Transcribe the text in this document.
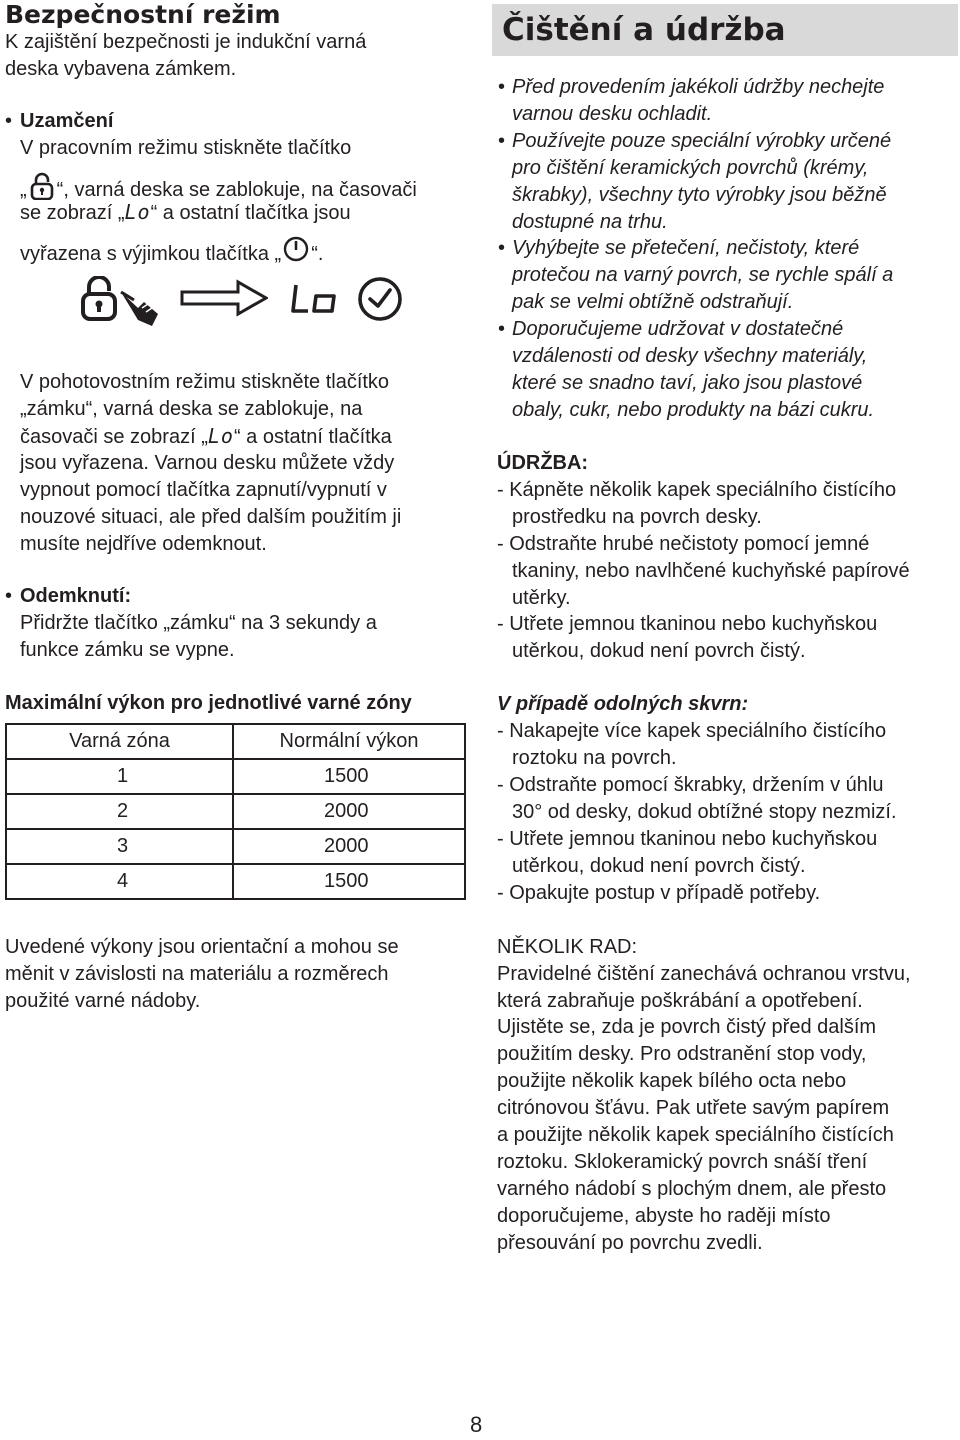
Bezpečnostní režim
K zajištění bezpečnosti je indukční varná
deska vybavena zámkem.
• Uzamčení
V pracovním režimu stiskněte tlačítko
„ “, varná deska se zablokuje, na časovači
se zobrazí „Lo“ a ostatní tlačítka jsou
vyřazena s výjimkou tlačítka „ “.
V pohotovostním režimu stiskněte tlačítko
„zámku“, varná deska se zablokuje, na
časovači se zobrazí „Lo“ a ostatní tlačítka
jsou vyřazena. Varnou desku můžete vždy
vypnout pomocí tlačítka zapnutí/vypnutí v
nouzové situaci, ale před dalším použitím ji
musíte nejdříve odemknout.
• Odemknutí:
Přidržte tlačítko „zámku“ na 3 sekundy a
funkce zámku se vypne.
Maximální výkon pro jednotlivé varné zóny
Varná zóna	Normální výkon
1	1500
2	2000
3	2000
4	1500
Uvedené výkony jsou orientační a mohou se
měnit v závislosti na materiálu a rozměrech
použité varné nádoby.
Čištění a údržba
• Před provedením jakékoli údržby nechejte
varnou desku ochladit.
• Používejte pouze speciální výrobky určené
pro čištění keramických povrchů (krémy,
škrabky), všechny tyto výrobky jsou běžně
dostupné na trhu.
• Vyhýbejte se přetečení, nečistoty, které
protečou na varný povrch, se rychle spálí a
pak se velmi obtížně odstraňují.
• Doporučujeme udržovat v dostatečné
vzdálenosti od desky všechny materiály,
které se snadno taví, jako jsou plastové
obaly, cukr, nebo produkty na bázi cukru.
ÚDRŽBA:
- Kápněte několik kapek speciálního čistícího
prostředku na povrch desky.
- Odstraňte hrubé nečistoty pomocí jemné
tkaniny, nebo navlhčené kuchyňské papírové
utěrky.
- Utřete jemnou tkaninou nebo kuchyňskou
utěrkou, dokud není povrch čistý.
V případě odolných skvrn:
- Nakapejte více kapek speciálního čistícího
roztoku na povrch.
- Odstraňte pomocí škrabky, držením v úhlu
30° od desky, dokud obtížné stopy nezmizí.
- Utřete jemnou tkaninou nebo kuchyňskou
utěrkou, dokud není povrch čistý.
- Opakujte postup v případě potřeby.
NĚKOLIK RAD:
Pravidelné čištění zanechává ochranou vrstvu,
která zabraňuje poškrábání a opotřebení.
Ujistěte se, zda je povrch čistý před dalším
použitím desky. Pro odstranění stop vody,
použijte několik kapek bílého octa nebo
citrónovou šťávu. Pak utřete savým papírem
a použijte několik kapek speciálního čistících
roztoku. Sklokeramický povrch snáší tření
varného nádobí s plochým dnem, ale přesto
doporučujeme, abyste ho raději místo
přesouvání po povrchu zvedli.
8
